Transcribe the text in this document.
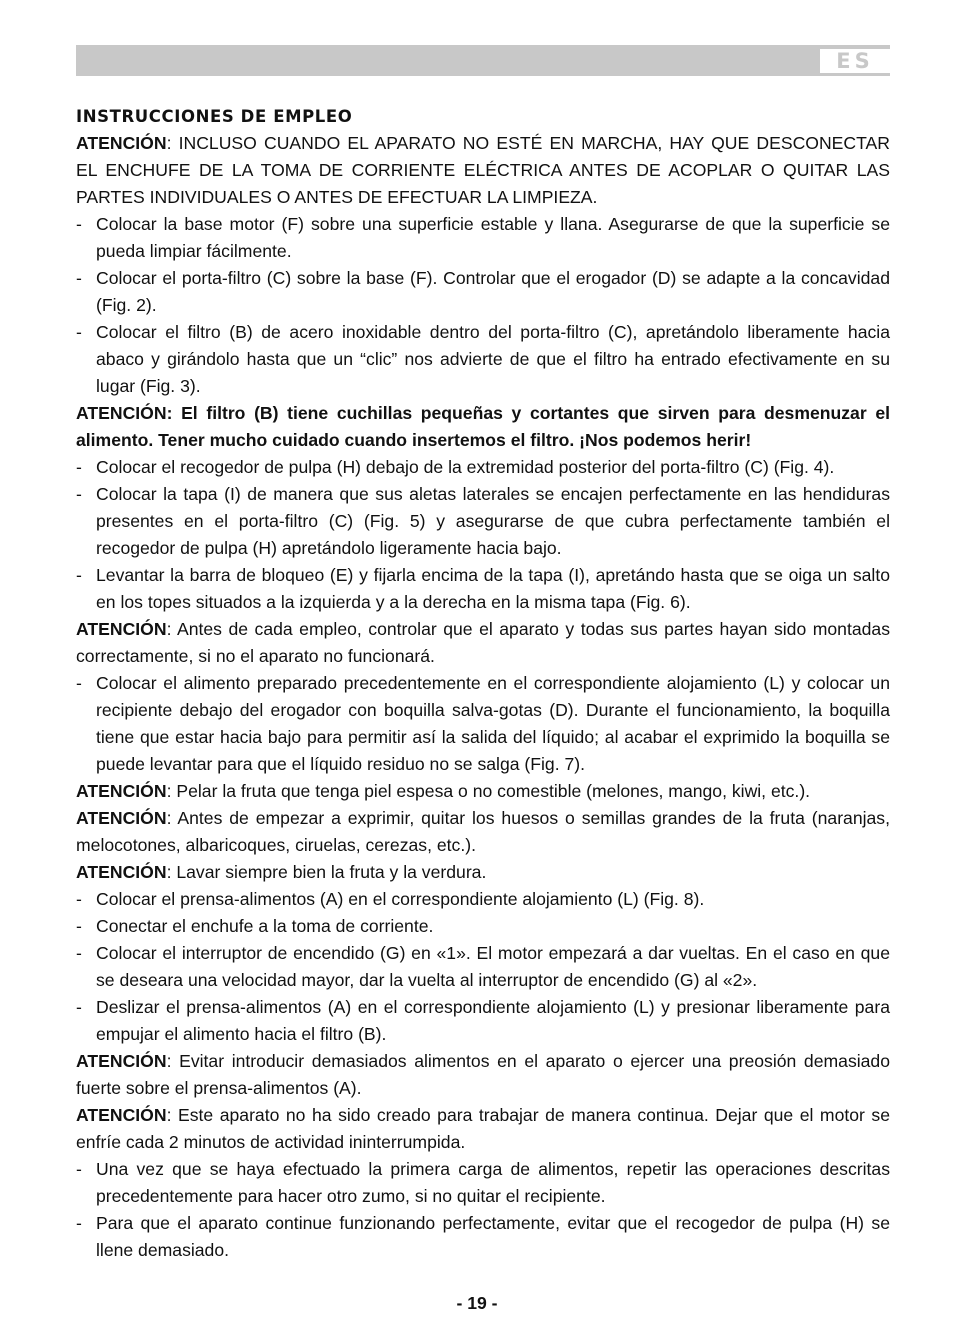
ES
INSTRUCCIONES DE EMPLEO

ATENCIÓN: INCLUSO CUANDO EL APARATO NO ESTÉ EN MARCHA, HAY QUE DESCONECTAR EL ENCHUFE DE LA TOMA DE CORRIENTE ELÉCTRICA ANTES DE ACOPLAR O QUITAR LAS PARTES INDIVIDUALES O ANTES DE EFECTUAR LA LIMPIEZA.

- Colocar la base motor (F) sobre una superficie estable y llana. Asegurarse de que la superficie se pueda limpiar fácilmente.
- Colocar el porta-filtro (C) sobre la base (F). Controlar que el erogador (D) se adapte a la concavidad (Fig. 2).
- Colocar el filtro (B) de acero inoxidable dentro del porta-filtro (C), apretándolo liberamente hacia abaco y girándolo hasta que un “clic” nos advierte de que el filtro ha entrado efectivamente en su lugar (Fig. 3).

ATENCIÓN: El filtro (B) tiene cuchillas pequeñas y cortantes que sirven para desmenuzar el alimento. Tener mucho cuidado cuando insertemos el filtro. ¡Nos podemos herir!

- Colocar el recogedor de pulpa (H) debajo de la extremidad posterior del porta-filtro (C) (Fig. 4).
- Colocar la tapa (I) de manera que sus aletas laterales se encajen perfectamente en las hendiduras presentes en el porta-filtro (C) (Fig. 5) y asegurarse de que cubra perfectamente también el recogedor de pulpa (H) apretándolo ligeramente hacia bajo.
- Levantar la barra de bloqueo (E) y fijarla encima de la tapa (I), apretándo hasta que se oiga un salto en los topes situados a la izquierda y a la derecha en la misma tapa (Fig. 6).

ATENCIÓN: Antes de cada empleo, controlar que el aparato y todas sus partes hayan sido montadas correctamente, si no el aparato no funcionará.

- Colocar el alimento preparado precedentemente en el correspondiente alojamiento (L) y colocar un recipiente debajo del erogador con boquilla salva-gotas (D). Durante el funcionamiento, la boquilla tiene que estar hacia bajo para permitir así la salida del líquido; al acabar el exprimido la boquilla se puede levantar para que el líquido residuo no se salga (Fig. 7).

ATENCIÓN: Pelar la fruta que tenga piel espesa o no comestible (melones, mango, kiwi, etc.).

ATENCIÓN: Antes de empezar a exprimir, quitar los huesos o semillas grandes de la fruta (naranjas, melocotones, albaricoques, ciruelas, cerezas, etc.).

ATENCIÓN: Lavar siempre bien la fruta y la verdura.

- Colocar el prensa-alimentos (A) en el correspondiente alojamiento (L) (Fig. 8).
- Conectar el enchufe a la toma de corriente.
- Colocar el interruptor de encendido (G) en «1». El motor empezará a dar vueltas. En el caso en que se deseara una velocidad mayor, dar la vuelta al interruptor de encendido (G) al «2».
- Deslizar el prensa-alimentos (A) en el correspondiente alojamiento (L) y presionar liberamente para empujar el alimento hacia el filtro (B).

ATENCIÓN: Evitar introducir demasiados alimentos en el aparato o ejercer una preosión demasiado fuerte sobre el prensa-alimentos (A).

ATENCIÓN: Este aparato no ha sido creado para trabajar de manera continua. Dejar que el motor se enfríe cada 2 minutos de actividad ininterrumpida.

- Una vez que se haya efectuado la primera carga de alimentos, repetir las operaciones descritas precedentemente para hacer otro zumo, si no quitar el recipiente.
- Para que el aparato continue funzionando perfectamente, evitar que el recogedor de pulpa (H) se llene demasiado.
- 19 -
